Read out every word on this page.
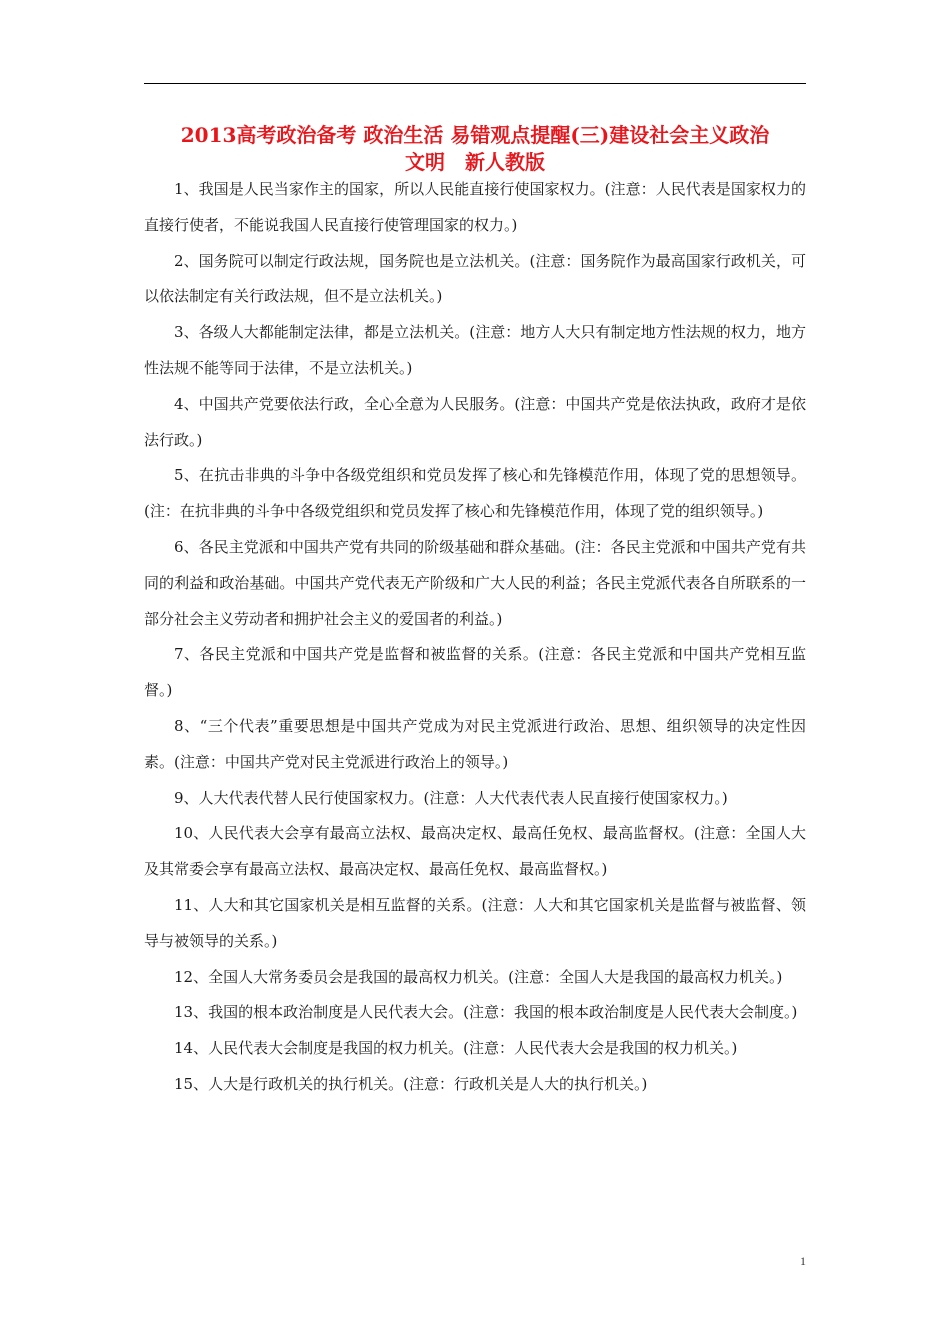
2013高考政治备考 政治生活 易错观点提醒(三)建设社会主义政治
文明　新人教版
1、我国是人民当家作主的国家，所以人民能直接行使国家权力。(注意：人民代表是国家权力的直接行使者，不能说我国人民直接行使管理国家的权力。)
2、国务院可以制定行政法规，国务院也是立法机关。(注意：国务院作为最高国家行政机关，可以依法制定有关行政法规，但不是立法机关。)
3、各级人大都能制定法律，都是立法机关。(注意：地方人大只有制定地方性法规的权力，地方性法规不能等同于法律，不是立法机关。)
4、中国共产党要依法行政，全心全意为人民服务。(注意：中国共产党是依法执政，政府才是依法行政。)
5、在抗击非典的斗争中各级党组织和党员发挥了核心和先锋模范作用，体现了党的思想领导。(注：在抗非典的斗争中各级党组织和党员发挥了核心和先锋模范作用，体现了党的组织领导。)
6、各民主党派和中国共产党有共同的阶级基础和群众基础。(注：各民主党派和中国共产党有共同的利益和政治基础。中国共产党代表无产阶级和广大人民的利益；各民主党派代表各自所联系的一部分社会主义劳动者和拥护社会主义的爱国者的利益。)
7、各民主党派和中国共产党是监督和被监督的关系。(注意：各民主党派和中国共产党相互监督。)
8、“三个代表”重要思想是中国共产党成为对民主党派进行政治、思想、组织领导的决定性因素。(注意：中国共产党对民主党派进行政治上的领导。)
9、人大代表代替人民行使国家权力。(注意：人大代表代表人民直接行使国家权力。)
10、人民代表大会享有最高立法权、最高决定权、最高任免权、最高监督权。(注意：全国人大及其常委会享有最高立法权、最高决定权、最高任免权、最高监督权。)
11、人大和其它国家机关是相互监督的关系。(注意：人大和其它国家机关是监督与被监督、领导与被领导的关系。)
12、全国人大常务委员会是我国的最高权力机关。(注意：全国人大是我国的最高权力机关。)
13、我国的根本政治制度是人民代表大会。(注意：我国的根本政治制度是人民代表大会制度。)
14、人民代表大会制度是我国的权力机关。(注意：人民代表大会是我国的权力机关。)
15、人大是行政机关的执行机关。(注意：行政机关是人大的执行机关。)
1
